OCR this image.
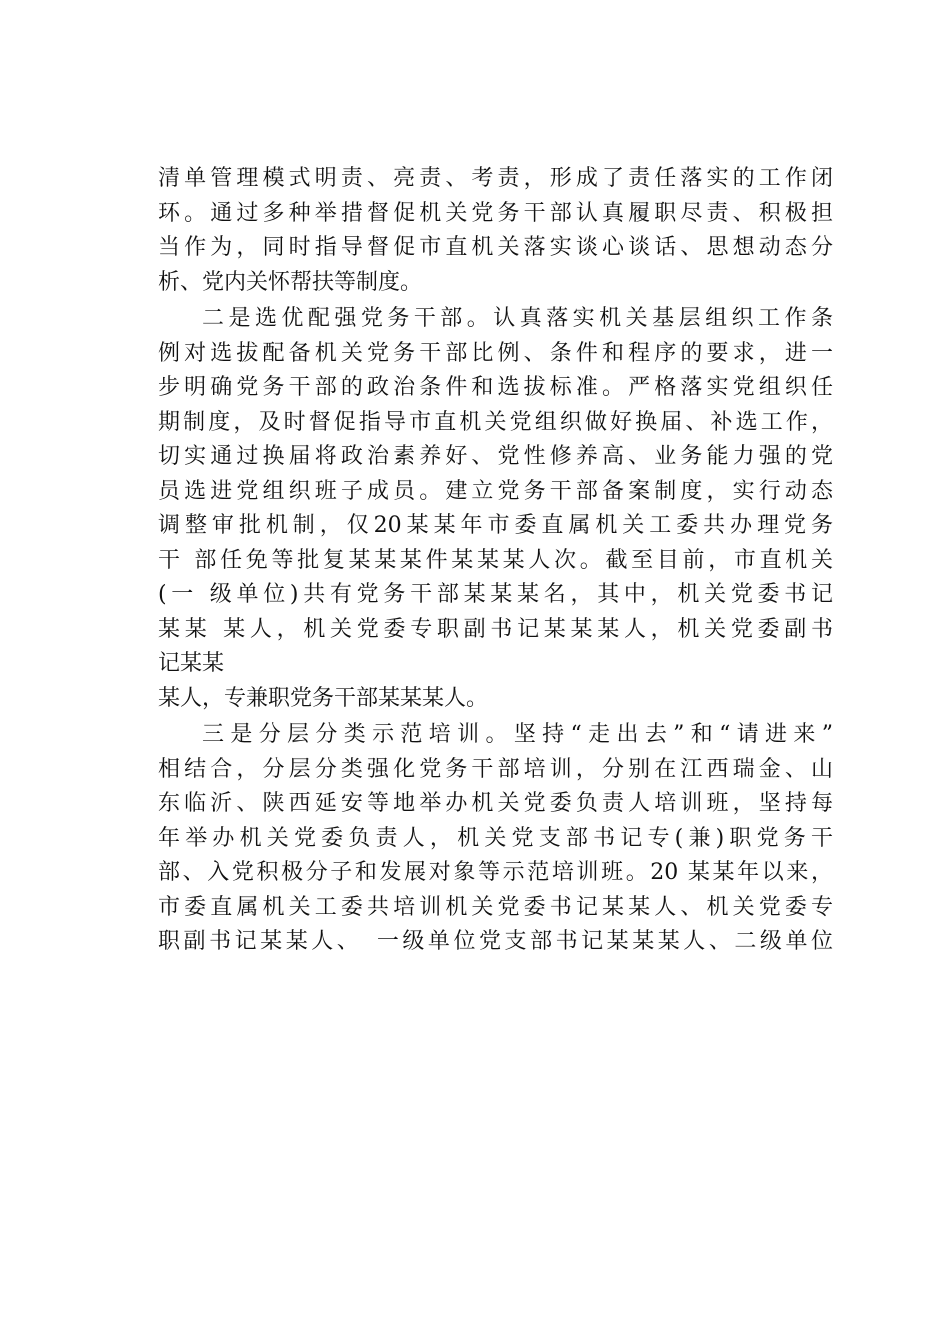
清单管理模式明责、亮责、考责，形成了责任落实的工作闭
环。通过多种举措督促机关党务干部认真履职尽责、积极担
当作为，同时指导督促市直机关落实谈心谈话、思想动态分
析、党内关怀帮扶等制度。
二是选优配强党务干部。认真落实机关基层组织工作条
例对选拔配备机关党务干部比例、条件和程序的要求，进一
步明确党务干部的政治条件和选拔标准。严格落实党组织任
期制度，及时督促指导市直机关党组织做好换届、补选工作，
切实通过换届将政治素养好、党性修养高、业务能力强的党
员选进党组织班子成员。建立党务干部备案制度，实行动态
调整审批机制，仅20某某年市委直属机关工委共办理党务
干 部任免等批复某某某件某某某人次。截至目前，市直机关
(一 级单位)共有党务干部某某某名，其中，机关党委书记
某某 某人，机关党委专职副书记某某某人，机关党委副书
记某某
某人，专兼职党务干部某某某人。
三是分层分类示范培训。坚持“走出去”和“请进来”
相结合，分层分类强化党务干部培训，分别在江西瑞金、山
东临沂、陕西延安等地举办机关党委负责人培训班，坚持每
年举办机关党委负责人，机关党支部书记专(兼)职党务干
部、入党积极分子和发展对象等示范培训班。20 某某年以来，
市委直属机关工委共培训机关党委书记某某人、机关党委专
职副书记某某人、　一级单位党支部书记某某某人、二级单位
